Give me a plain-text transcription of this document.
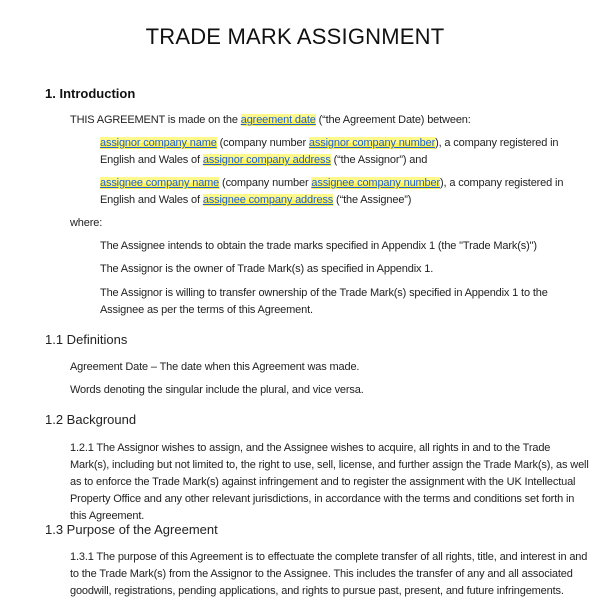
TRADE MARK ASSIGNMENT
1. Introduction
THIS AGREEMENT is made on the agreement date (“the Agreement Date) between:
assignor company name (company number assignor company number), a company registered in English and Wales of assignor company address (“the Assignor”) and
assignee company name (company number assignee company number), a company registered in English and Wales of assignee company address (“the Assignee”)
where:
The Assignee intends to obtain the trade marks specified in Appendix 1 (the "Trade Mark(s)")
The Assignor is the owner of Trade Mark(s) as specified in Appendix 1.
The Assignor is willing to transfer ownership of the Trade Mark(s) specified in Appendix 1 to the Assignee as per the terms of this Agreement.
1.1 Definitions
Agreement Date – The date when this Agreement was made.
Words denoting the singular include the plural, and vice versa.
1.2 Background
1.2.1 The Assignor wishes to assign, and the Assignee wishes to acquire, all rights in and to the Trade Mark(s), including but not limited to, the right to use, sell, license, and further assign the Trade Mark(s), as well as to enforce the Trade Mark(s) against infringement and to register the assignment with the UK Intellectual Property Office and any other relevant jurisdictions, in accordance with the terms and conditions set forth in this Agreement.
1.3 Purpose of the Agreement
1.3.1 The purpose of this Agreement is to effectuate the complete transfer of all rights, title, and interest in and to the Trade Mark(s) from the Assignor to the Assignee. This includes the transfer of any and all associated goodwill, registrations, pending applications, and rights to pursue past, present, and future infringements.
